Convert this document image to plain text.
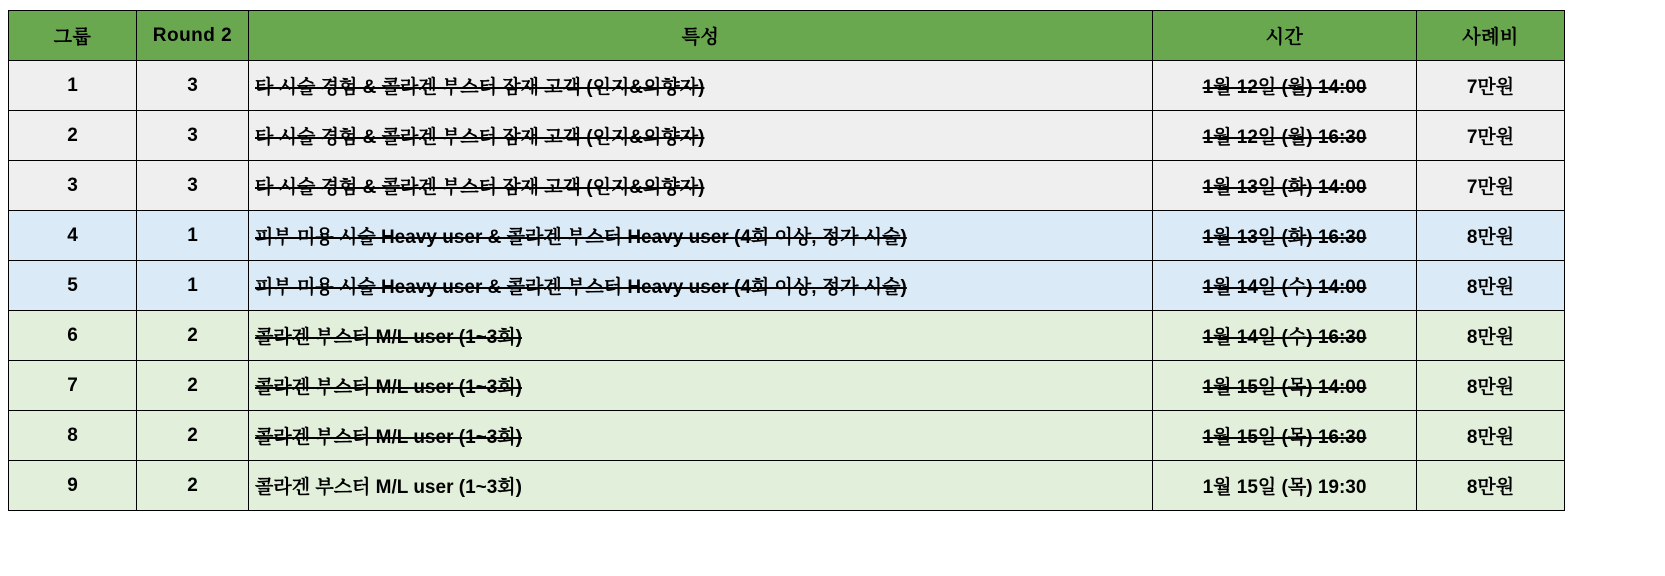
그룹	Round 2	특성	시간	사례비
1	3	타 시술 경험 & 콜라겐 부스터 잠재 고객 (인지&의향자)	1월 12일 (월) 14:00	7만원
2	3	타 시술 경험 & 콜라겐 부스터 잠재 고객 (인지&의향자)	1월 12일 (월) 16:30	7만원
3	3	타 시술 경험 & 콜라겐 부스터 잠재 고객 (인지&의향자)	1월 13일 (화) 14:00	7만원
4	1	피부 미용 시술 Heavy user & 콜라겐 부스터 Heavy user (4회 이상, 정가 시술)	1월 13일 (화) 16:30	8만원
5	1	피부 미용 시술 Heavy user & 콜라겐 부스터 Heavy user (4회 이상, 정가 시술)	1월 14일 (수) 14:00	8만원
6	2	콜라겐 부스터 M/L user (1~3회)	1월 14일 (수) 16:30	8만원
7	2	콜라겐 부스터 M/L user (1~3회)	1월 15일 (목) 14:00	8만원
8	2	콜라겐 부스터 M/L user (1~3회)	1월 15일 (목) 16:30	8만원
9	2	콜라겐 부스터 M/L user (1~3회)	1월 15일 (목) 19:30	8만원
